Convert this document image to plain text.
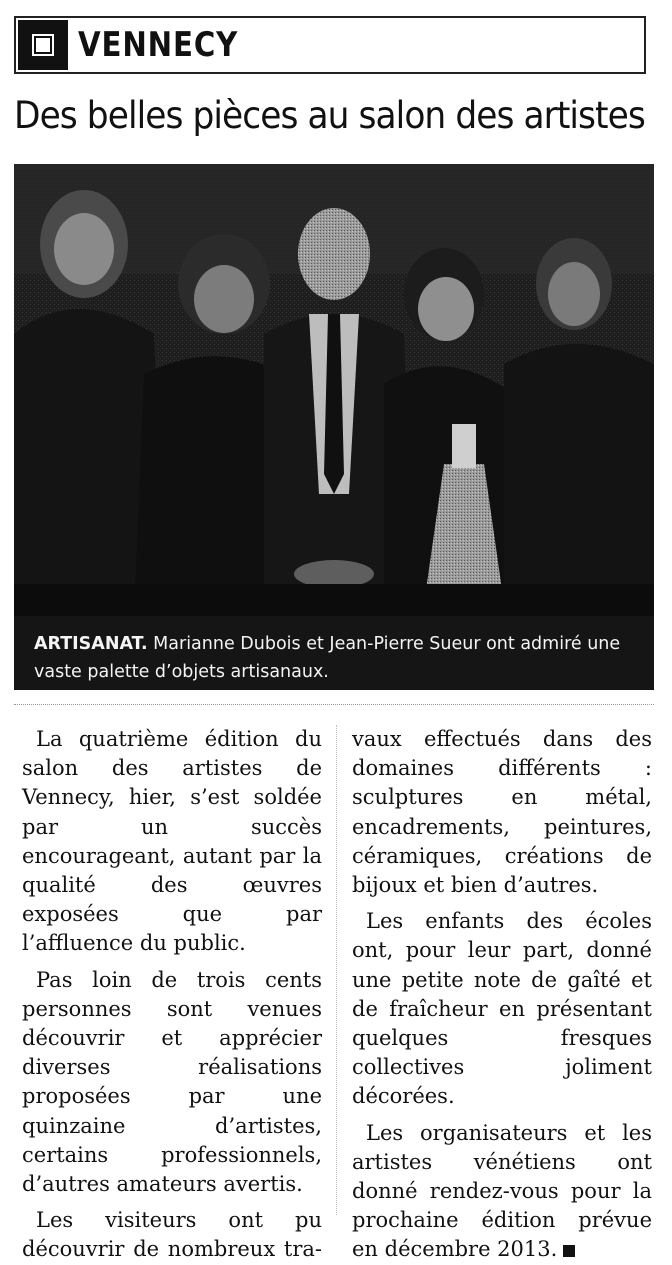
VENNECY
Des belles pièces au salon des artistes
ARTISANAT. Marianne Dubois et Jean-Pierre Sueur ont admiré une vaste palette d’objets artisanaux.

La quatrième édition du salon des artistes de Vennecy, hier, s’est soldée par un succès encourageant, autant par la qualité des œuvres exposées que par l’affluence du public.

Pas loin de trois cents personnes sont venues découvrir et apprécier diverses réalisations proposées par une quinzaine d’artistes, certains professionnels, d’autres amateurs avertis.

Les visiteurs ont pu découvrir de nombreux tra-

vaux effectués dans des domaines différents : sculptures en métal, encadrements, peintures, céramiques, créations de bijoux et bien d’autres.

Les enfants des écoles ont, pour leur part, donné une petite note de gaîté et de fraîcheur en présentant quelques fresques collectives joliment décorées.

Les organisateurs et les artistes vénétiens ont donné rendez-vous pour la prochaine édition prévue en décembre 2013.
